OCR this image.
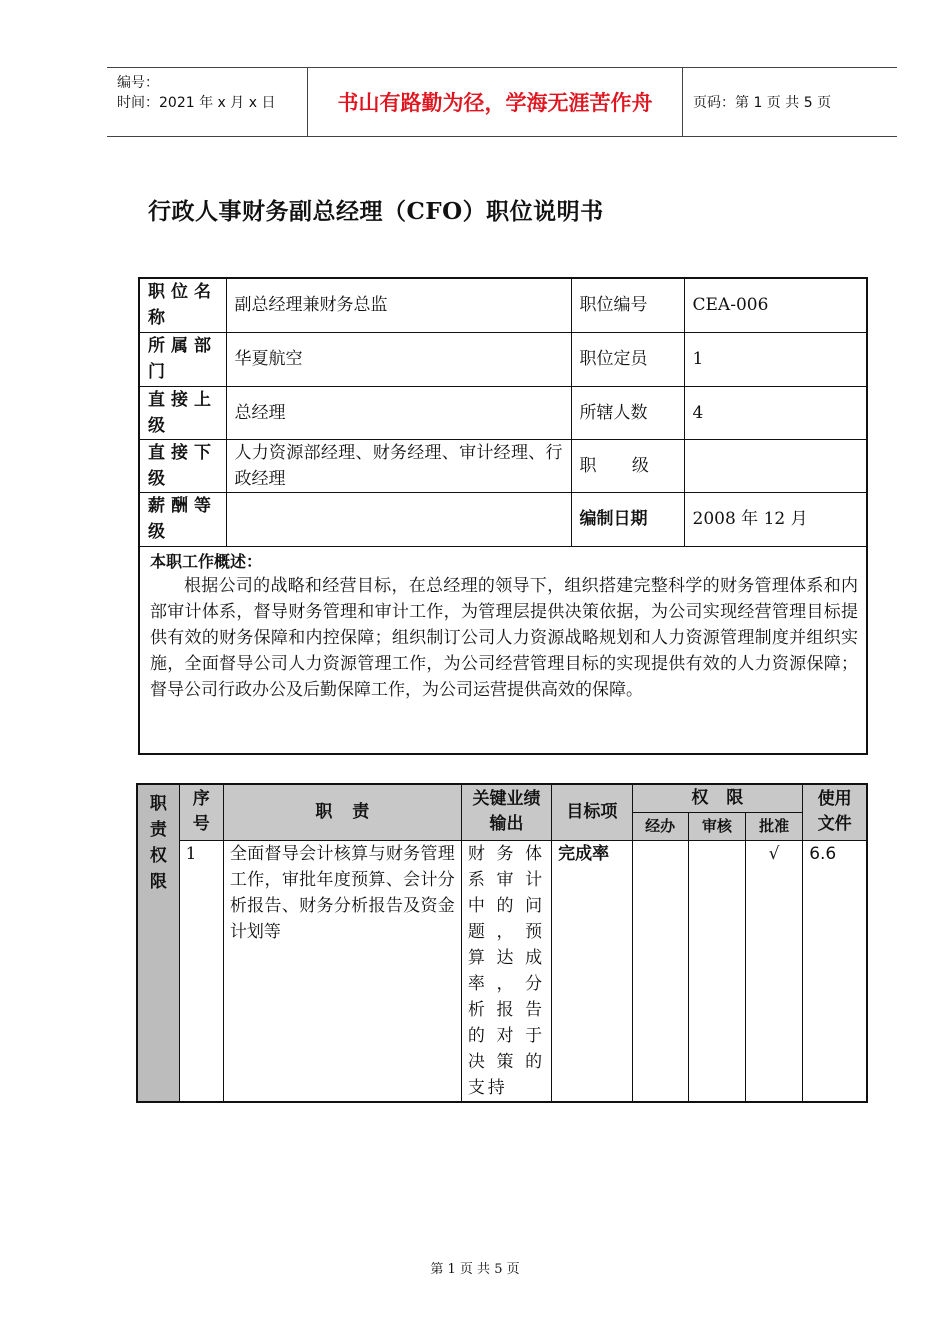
编号：
时间：2021 年 x 月 x 日	书山有路勤为径，学海无涯苦作舟	页码：第 1 页 共 5 页
行政人事财务副总经理（CFO）职位说明书
职位名称	副总经理兼财务总监	职位编号	CEA-006
所属部门	华夏航空	职位定员	1
直接上级	总经理	所辖人数	4
直接下级	人力资源部经理、财务经理、审计经理、行政经理	职 级	
薪酬等级		编制日期	2008 年 12 月

本职工作概述：
根据公司的战略和经营目标，在总经理的领导下，组织搭建完整科学的财务管理体系和内部审计体系，督导财务管理和审计工作，为管理层提供决策依据，为公司实现经营管理目标提供有效的财务保障和内控保障；组织制订公司人力资源战略规划和人力资源管理制度并组织实施，全面督导公司人力资源管理工作，为公司经营管理目标的实现提供有效的人力资源保障；督导公司行政办公及后勤保障工作，为公司运营提供高效的保障。			
职责权限	序号	职 责	关键业绩输出	目标项	权 限			使用文件
					经办	审核	批准	
	1	全面督导会计核算与财务管理工作，审批年度预算、会计分析报告、财务分析报告及资金计划等	财务体系审计中的问题，预算达成率，分析报告的对于决策的支持	完成率			√	6.6
第 1 页 共 5 页
